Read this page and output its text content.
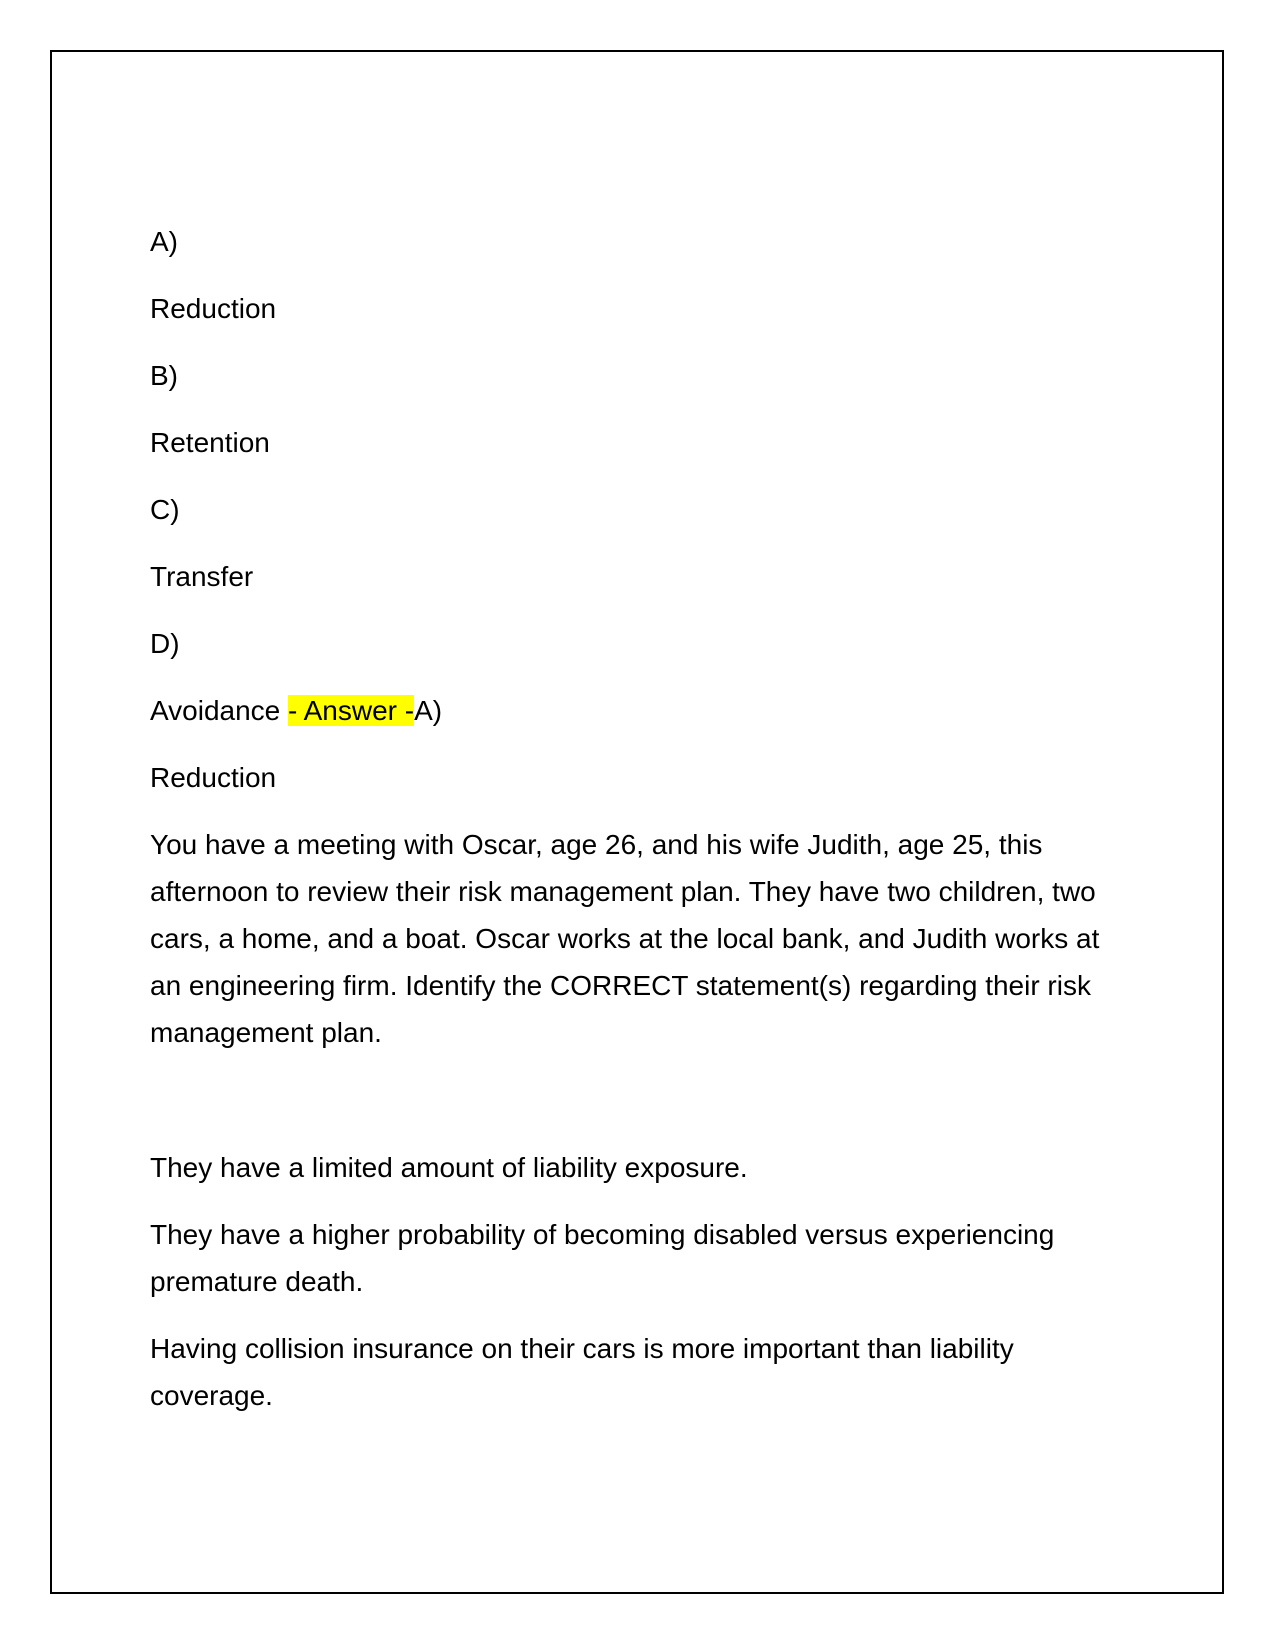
A)

Reduction

B)

Retention

C)

Transfer

D)

Avoidance - Answer -A)

Reduction

You have a meeting with Oscar, age 26, and his wife Judith, age 25, this afternoon to review their risk management plan. They have two children, two cars, a home, and a boat. Oscar works at the local bank, and Judith works at an engineering firm. Identify the CORRECT statement(s) regarding their risk management plan.

They have a limited amount of liability exposure.

They have a higher probability of becoming disabled versus experiencing premature death.

Having collision insurance on their cars is more important than liability coverage.
